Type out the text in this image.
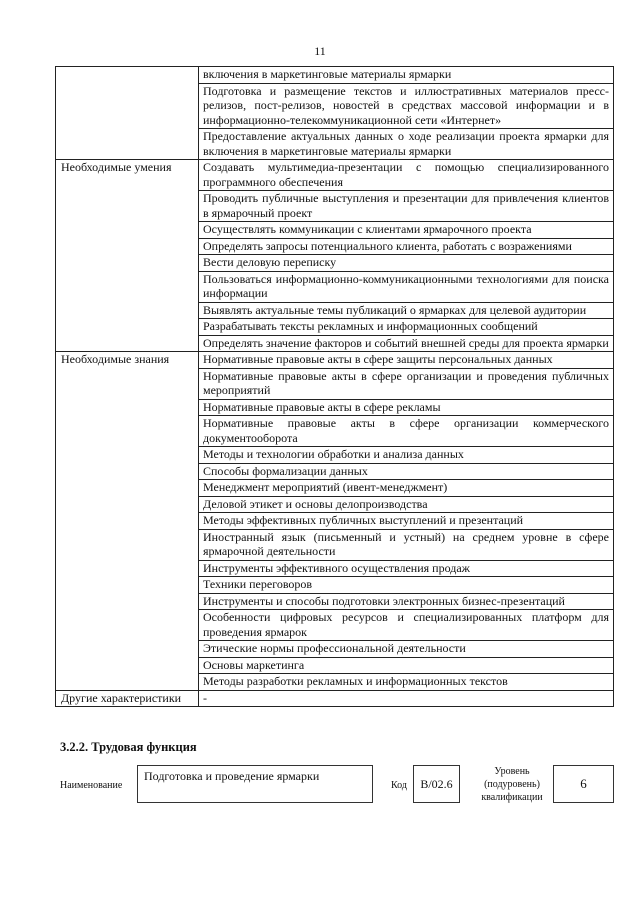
11
	включения в маркетинговые материалы ярмарки
	Подготовка и размещение текстов и иллюстративных материалов пресс-релизов, пост-релизов, новостей в средствах массовой информации и в информационно-телекоммуникационной сети «Интернет»
	Предоставление актуальных данных о ходе реализации проекта ярмарки для включения в маркетинговые материалы ярмарки
Необходимые умения	Создавать мультимедиа-презентации с помощью специализированного программного обеспечения
	Проводить публичные выступления и презентации для привлечения клиентов в ярмарочный проект
	Осуществлять коммуникации с клиентами ярмарочного проекта
	Определять запросы потенциального клиента, работать с возражениями
	Вести деловую переписку
	Пользоваться информационно-коммуникационными технологиями для поиска информации
	Выявлять актуальные темы публикаций о ярмарках для целевой аудитории
	Разрабатывать тексты рекламных и информационных сообщений
	Определять значение факторов и событий внешней среды для проекта ярмарки
Необходимые знания	Нормативные правовые акты в сфере защиты персональных данных
	Нормативные правовые акты в сфере организации и проведения публичных мероприятий
	Нормативные правовые акты в сфере рекламы
	Нормативные правовые акты в сфере организации коммерческого документооборота
	Методы и технологии обработки и анализа данных
	Способы формализации данных
	Менеджмент мероприятий (ивент-менеджмент)
	Деловой этикет и основы делопроизводства
	Методы эффективных публичных выступлений и презентаций
	Иностранный язык (письменный и устный) на среднем уровне в сфере ярмарочной деятельности
	Инструменты эффективного осуществления продаж
	Техники переговоров
	Инструменты и способы подготовки электронных бизнес-презентаций
	Особенности цифровых ресурсов и специализированных платформ для проведения ярмарок
	Этические нормы профессиональной деятельности
	Основы маркетинга
	Методы разработки рекламных и информационных текстов
Другие характеристики	-
3.2.2. Трудовая функция
Наименование
Подготовка и проведение ярмарки
Код B/02.6
Уровень (подуровень) квалификации
6
